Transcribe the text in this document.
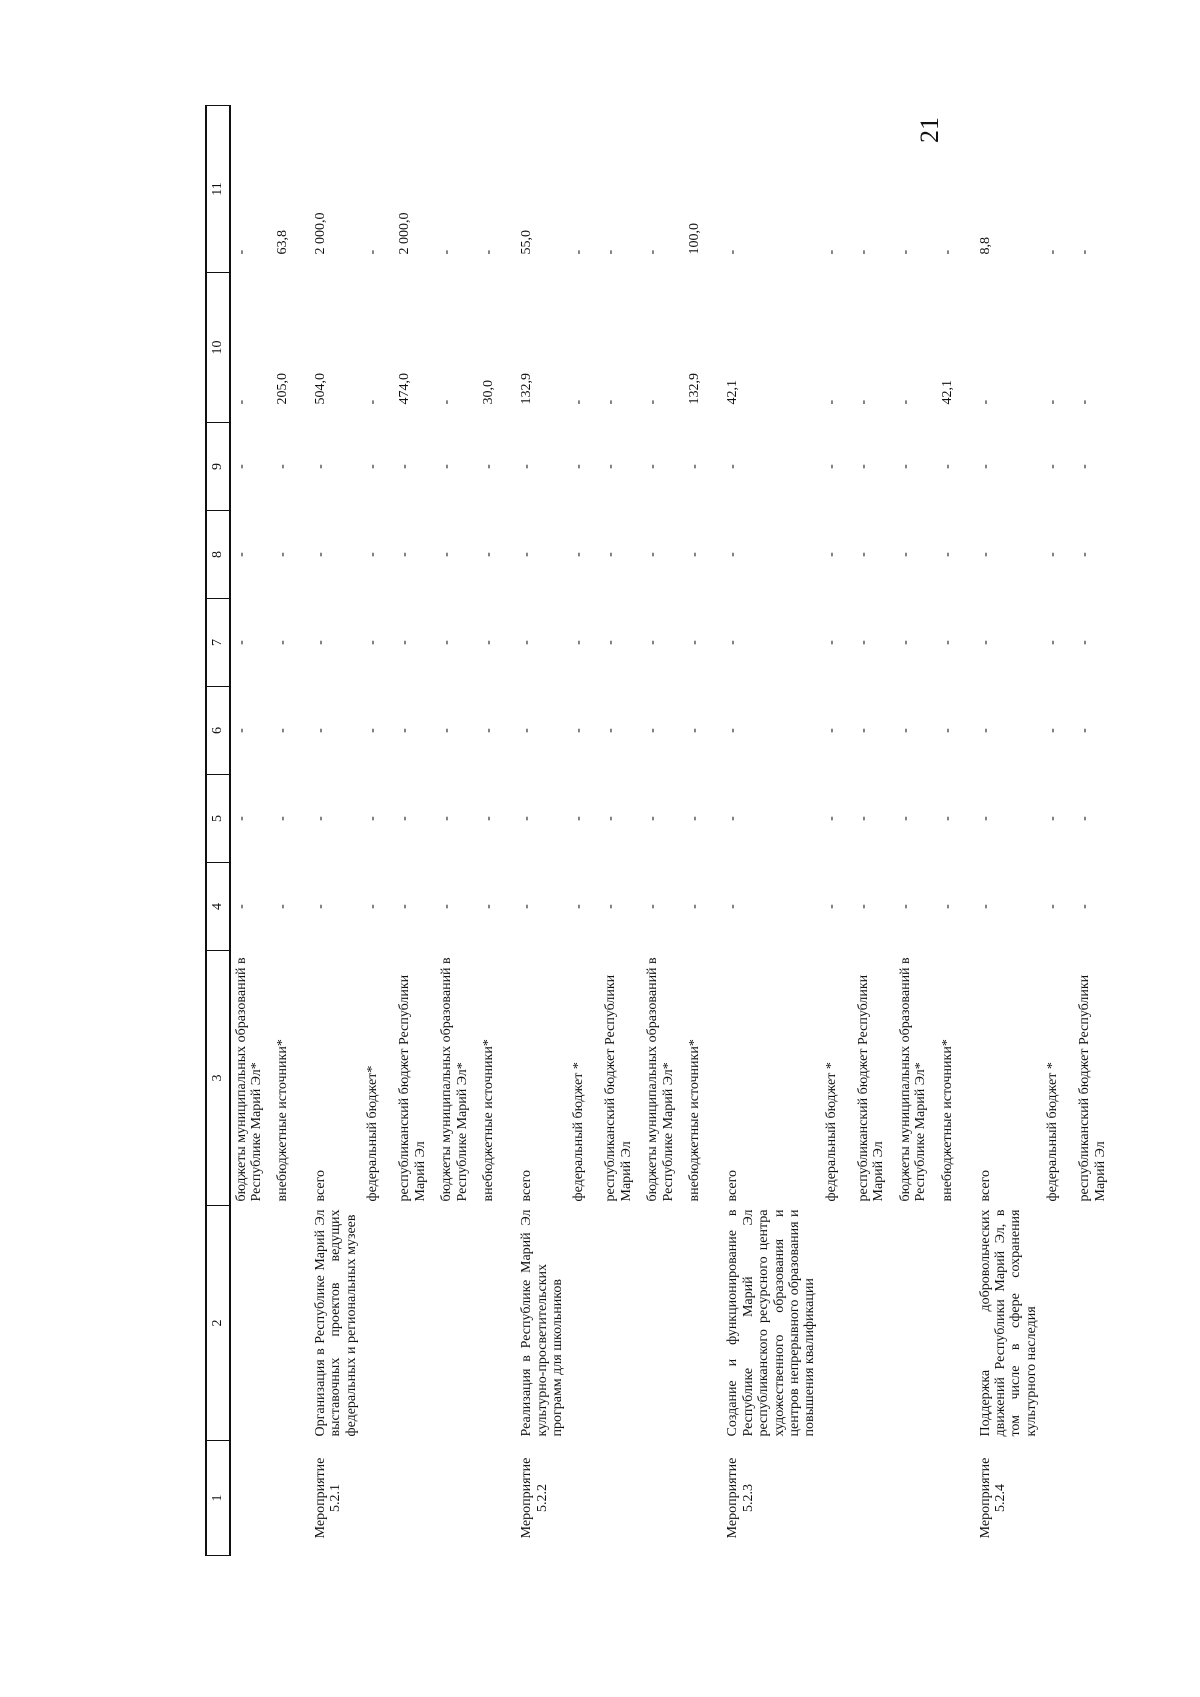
21
1	2	3	4	5	6	7	8	9	10	11
		бюджеты муниципальных образований в Республике Марий Эл*	-	-	-	-	-	-	-	-
		внебюджетные источники*	-	-	-	-	-	-	205,0	63,8
Мероприятие 5.2.1	Организация в Республике Марий Эл выставочных проектов ведущих федеральных и региональных музеев	всего	-	-	-	-	-	-	504,0	2 000,0
		федеральный бюджет*	-	-	-	-	-	-	-	-
		республиканский бюджет Республики Марий Эл	-	-	-	-	-	-	474,0	2 000,0
		бюджеты муниципальных образований в Республике Марий Эл*	-	-	-	-	-	-	-	-
		внебюджетные источники*	-	-	-	-	-	-	30,0	-
Мероприятие 5.2.2	Реализация в Республике Марий Эл культурно-просветительских программ для школьников	всего	-	-	-	-	-	-	132,9	55,0
		федеральный бюджет *	-	-	-	-	-	-	-	-
		республиканский бюджет Республики Марий Эл	-	-	-	-	-	-	-	-
		бюджеты муниципальных образований в Республике Марий Эл*	-	-	-	-	-	-	-	-
		внебюджетные источники*	-	-	-	-	-	-	132,9	100,0
Мероприятие 5.2.3	Создание и функционирование в Республике Марий Эл республиканского ресурсного центра художественного образования и центров непрерывного образования и повышения квалификации	всего	-	-	-	-	-	-	42,1	-
		федеральный бюджет *	-	-	-	-	-	-	-	-
		республиканский бюджет Республики Марий Эл	-	-	-	-	-	-	-	-
		бюджеты муниципальных образований в Республике Марий Эл*	-	-	-	-	-	-	-	-
		внебюджетные источники*	-	-	-	-	-	-	42,1	-
Мероприятие 5.2.4	Поддержка добровольческих движений Республики Марий Эл, в том числе в сфере сохранения культурного наследия	всего	-	-	-	-	-	-	-	8,8
		федеральный бюджет *	-	-	-	-	-	-	-	-
		республиканский бюджет Республики Марий Эл	-	-	-	-	-	-	-	-
